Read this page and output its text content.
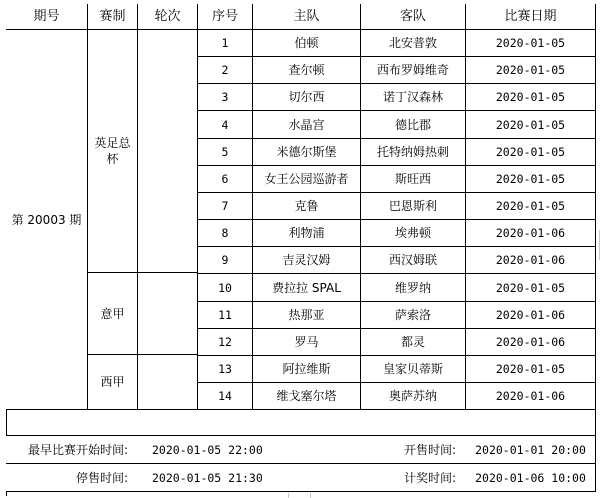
期号	赛制	轮次	序号	主队	客队	比赛日期
第 20003 期
英足总
杯
意甲
西甲
1	伯顿	北安普敦	2020-01-05
2	查尔顿	西布罗姆维奇	2020-01-05
3	切尔西	诺丁汉森林	2020-01-05
4	水晶宫	德比郡	2020-01-05
5	米德尔斯堡	托特纳姆热刺	2020-01-05
6	女王公园巡游者	斯旺西	2020-01-05
7	克鲁	巴恩斯利	2020-01-05
8	利物浦	埃弗顿	2020-01-06
9	吉灵汉姆	西汉姆联	2020-01-06
10	费拉拉 SPAL	维罗纳	2020-01-05
11	热那亚	萨索洛	2020-01-06
12	罗马	都灵	2020-01-06
13	阿拉维斯	皇家贝蒂斯	2020-01-05
14	维戈塞尔塔	奥萨苏纳	2020-01-06
最早比赛开始时间:	2020-01-05 22:00	开售时间:	2020-01-01 20:00
停售时间:	2020-01-05 21:30	计奖时间:	2020-01-06 10:00
